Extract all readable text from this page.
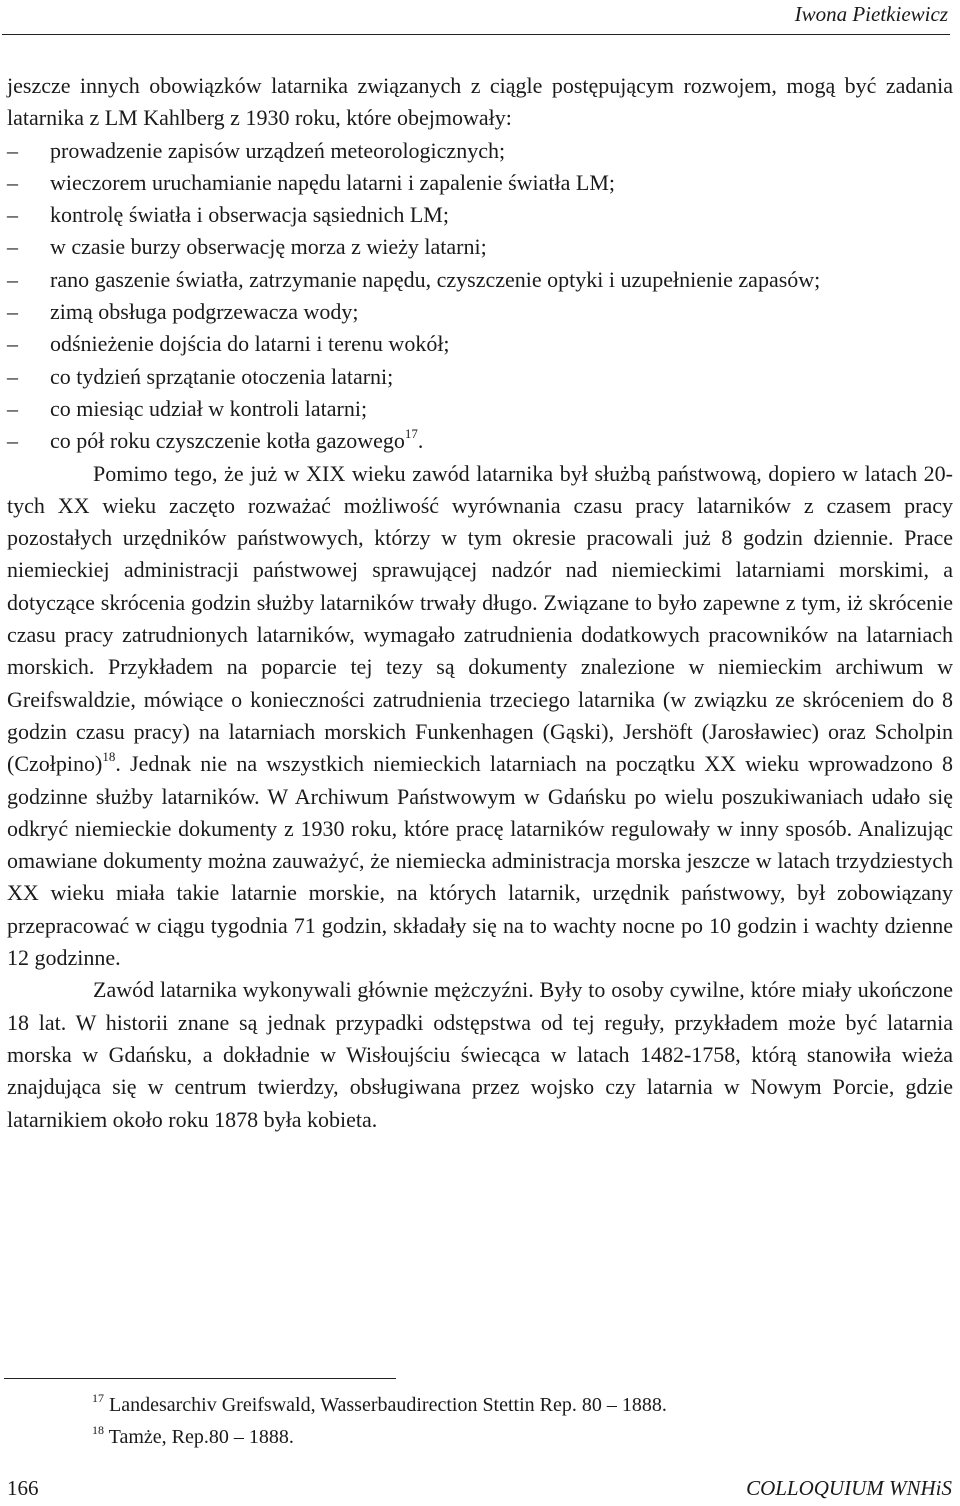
Iwona Pietkiewicz

jeszcze innych obowiązków latarnika związanych z ciągle postępującym rozwojem, mogą być zadania latarnika z LM Kahlberg z 1930 roku, które obejmowały:

– prowadzenie zapisów urządzeń meteorologicznych;
– wieczorem uruchamianie napędu latarni i zapalenie światła LM;
– kontrolę światła i obserwacja sąsiednich LM;
– w czasie burzy obserwację morza z wieży latarni;
– rano gaszenie światła, zatrzymanie napędu, czyszczenie optyki i uzupełnienie zapasów;
– zimą obsługa podgrzewacza wody;
– odśnieżenie dojścia do latarni i terenu wokół;
– co tydzień sprzątanie otoczenia latarni;
– co miesiąc udział w kontroli latarni;
– co pół roku czyszczenie kotła gazowego$^{17}$.

Pomimo tego, że już w XIX wieku zawód latarnika był służbą państwową, dopiero w latach 20-tych XX wieku zaczęto rozważać możliwość wyrównania czasu pracy latarników z czasem pracy pozostałych urzędników państwowych, którzy w tym okresie pracowali już 8 godzin dziennie. Prace niemieckiej administracji państwowej sprawującej nadzór nad niemieckimi latarniami morskimi, a dotyczące skrócenia godzin służby latarników trwały długo. Związane to było zapewne z tym, iż skrócenie czasu pracy zatrudnionych latarników, wymagało zatrudnienia dodatkowych pracowników na latarniach morskich. Przykładem na poparcie tej tezy są dokumenty znalezione w niemieckim archiwum w Greifswaldzie, mówiące o konieczności zatrudnienia trzeciego latarnika (w związku ze skróceniem do 8 godzin czasu pracy) na latarniach morskich Funkenhagen (Gąski), Jershöft (Jarosławiec) oraz Scholpin (Czołpino)$^{18}$. Jednak nie na wszystkich niemieckich latarniach na początku XX wieku wprowadzono 8 godzinne służby latarników. W Archiwum Państwowym w Gdańsku po wielu poszukiwaniach udało się odkryć niemieckie dokumenty z 1930 roku, które pracę latarników regulowały w inny sposób. Analizując omawiane dokumenty można zauważyć, że niemiecka administracja morska jeszcze w latach trzydziestych XX wieku miała takie latarnie morskie, na których latarnik, urzędnik państwowy, był zobowiązany przepracować w ciągu tygodnia 71 godzin, składały się na to wachty nocne po 10 godzin i wachty dzienne 12 godzinne.

Zawód latarnika wykonywali głównie mężczyźni. Były to osoby cywilne, które miały ukończone 18 lat. W historii znane są jednak przypadki odstępstwa od tej reguły, przykładem może być latarnia morska w Gdańsku, a dokładnie w Wisłoujściu świecąca w latach 1482-1758, którą stanowiła wieża znajdująca się w centrum twierdzy, obsługiwana przez wojsko czy latarnia w Nowym Porcie, gdzie latarnikiem około roku 1878 była kobieta.

$^{17}$ Landesarchiv Greifswald, Wasserbaudirection Stettin Rep. 80 – 1888.
$^{18}$ Tamże, Rep.80 – 1888.
166	COLLOQUIUM WNHiS
